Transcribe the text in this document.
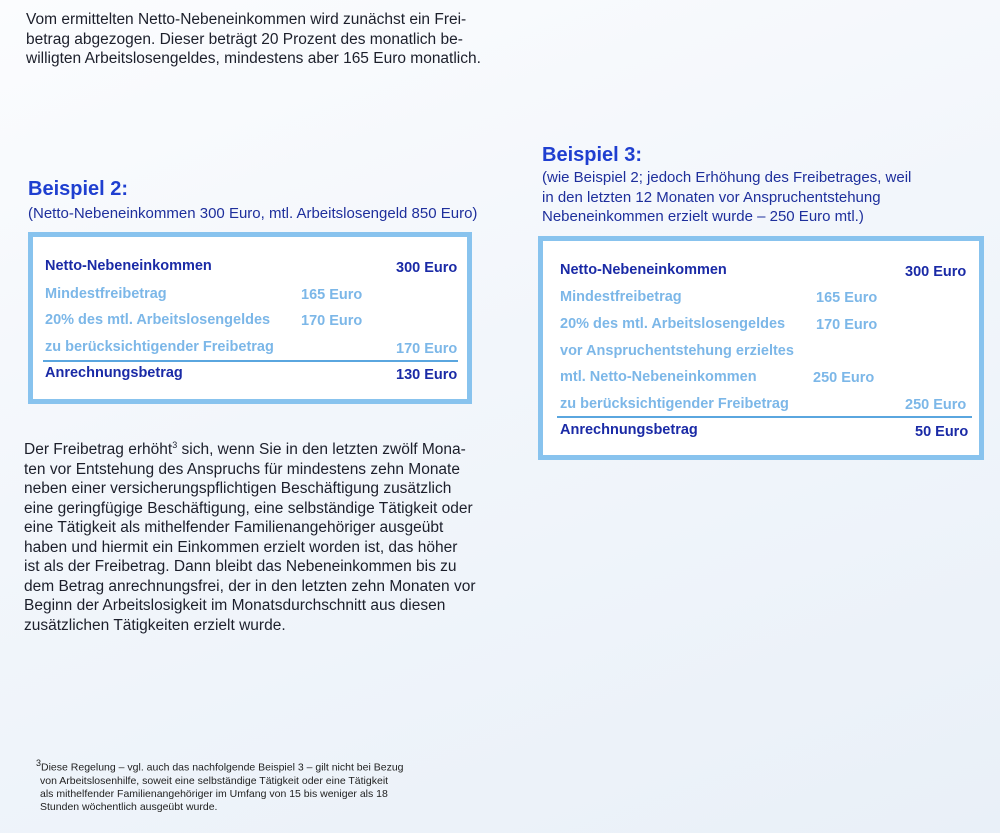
Vom ermittelten Netto-Nebeneinkommen wird zunächst ein Frei-

betrag abgezogen. Dieser beträgt 20 Prozent des monatlich be-

willigten Arbeitslosengeldes, mindestens aber 165 Euro monatlich.

Beispiel 2:
(Netto-Nebeneinkommen 300 Euro, mtl. Arbeitslosengeld 850 Euro)
Netto-Nebeneinkommen	300 Euro
Mindestfreibetrag	165 Euro
20% des mtl. Arbeitslosengeldes 170 Euro
zu berücksichtigender Freibetrag	170 Euro
Anrechnungsbetrag	130 Euro
Beispiel 3:
(wie Beispiel 2; jedoch Erhöhung des Freibetrages, weil
in den letzten 12 Monaten vor Anspruchentstehung
Nebeneinkommen erzielt wurde – 250 Euro mtl.)
Netto-Nebeneinkommen	300 Euro
Mindestfreibetrag	165 Euro
20% des mtl. Arbeitslosengeldes 170 Euro
vor Anspruchentstehung erzieltes
mtl. Netto-Nebeneinkommen	250 Euro
zu berücksichtigender Freibetrag	250 Euro
Anrechnungsbetrag	50 Euro

Der Freibetrag erhöht$^3$ sich, wenn Sie in den letzten zwölf Mona-

ten vor Entstehung des Anspruchs für mindestens zehn Monate

neben einer versicherungspflichtigen Beschäftigung zusätzlich

eine geringfügige Beschäftigung, eine selbständige Tätigkeit oder

eine Tätigkeit als mithelfender Familienangehöriger ausgeübt

haben und hiermit ein Einkommen erzielt worden ist, das höher

ist als der Freibetrag. Dann bleibt das Nebeneinkommen bis zu

dem Betrag anrechnungsfrei, der in den letzten zehn Monaten vor

Beginn der Arbeitslosigkeit im Monatsdurchschnitt aus diesen

zusätzlichen Tätigkeiten erzielt wurde.

$^3$Diese Regelung – vgl. auch das nachfolgende Beispiel 3 – gilt nicht bei Bezug
von Arbeitslosenhilfe, soweit eine selbständige Tätigkeit oder eine Tätigkeit
als mithelfender Familienangehöriger im Umfang von 15 bis weniger als 18
Stunden wöchentlich ausgeübt wurde.
